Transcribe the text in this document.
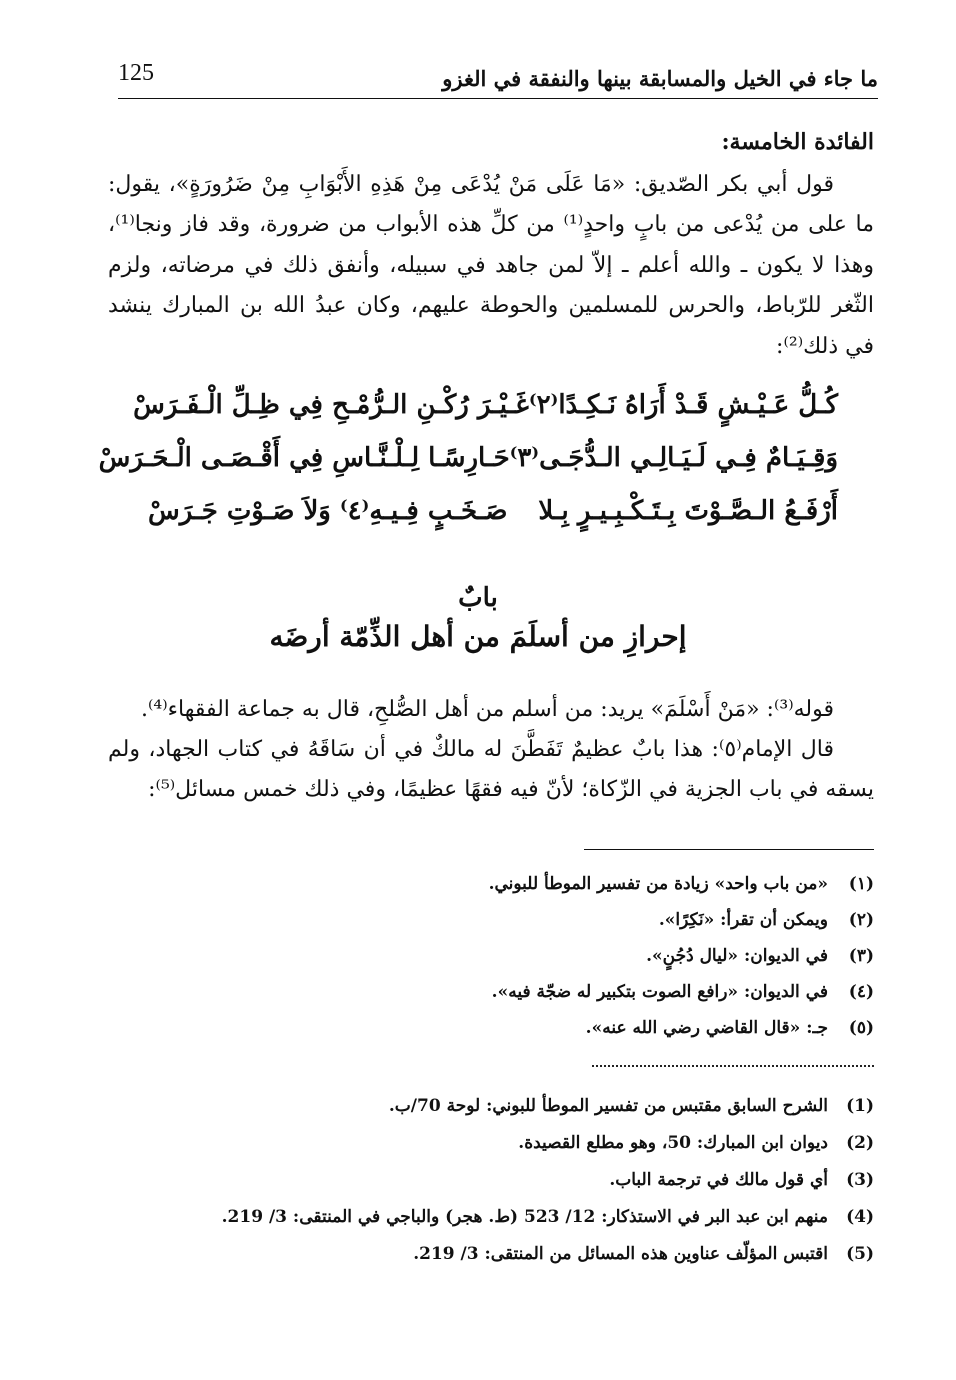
ما جاء في الخيل والمسابقة بينها والنفقة في الغزو
125

الفائدة الخامسة:

قول أبي بكر الصّديق: «مَا عَلَى مَنْ يُدْعَى مِنْ هَذِهِ الأَبْوَابِ مِنْ ضَرُورَةٍ»، يقول: ما على من يُدْعى من بابٍ واحدٍ⁽¹⁾ من كلِّ هذه الأبواب من ضرورة، وقد فاز ونجا⁽¹⁾، وهذا لا يكون ـ والله أعلم ـ إلاّ لمن جاهد في سبيله، وأنفق ذلك في مرضاته، ولزم الثّغر للرّباط، والحرس للمسلمين والحوطة عليهم، وكان عبدُ الله بن المبارك ينشد في ذلك⁽²⁾:

كُـلُّ عَـيْـشٍ قَـدْ أَرَاهُ نَـكِـدًا⁽٢⁾
غَـيْـرَ رُكْـنِ الـرُّمْـحِ فِي ظِـلِّ الْـفَـرَسْ
وَقِـيَـامٌ فِـي لَـيَـالِـي الـدُّجَـى⁽٣⁾
حَـارِسًـا لِـلْـنَّـاسِ فِي أَقْـصَـى الْـحَـرَسْ
أَرْفَـعُ الـصَّـوْتَ بِـتَـكْـبِـيـرٍ بِـلا
صَـخَـبٍ فِـيـهِ⁽٤⁾ وَلاَ صَـوْتِ جَـرَسْ
بابٌ
إحرازِ من أسلَمَ من أهل الذِّمّة أرضَه

قوله⁽³⁾: «مَنْ أَسْلَمَ» يريد: من أسلم من أهل الصُّلحِ، قال به جماعة الفقهاء⁽⁴⁾.

قال الإمام⁽٥⁾: هذا بابٌ عظيمٌ تَفَطَّنَ له مالكٌ في أن سَاقَهُ في كتاب الجهاد، ولم يسقه في باب الجزية في الزّكاة؛ لأنّ فيه فقهًا عظيمًا، وفي ذلك خمس مسائل⁽⁵⁾:

(١)
«من باب واحد» زيادة من تفسير الموطأ للبوني.
(٢)
ويمكن أن تقرأ: «نَكِرًا».
(٣)
في الديوان: «ليال دُجُنٍ».
(٤)
في الديوان: «رافع الصوت بتكبير له ضجّة فيه».
(٥)
جـ: «قال القاضي رضي الله عنه».
(1)
الشرح السابق مقتبس من تفسير الموطأ للبوني: لوحة 70/ب.
(2)
ديوان ابن المبارك: 50، وهو مطلع القصيدة.
(3)
أي قول مالك في ترجمة الباب.
(4)
منهم ابن عبد البر في الاستذكار: 12/ 523 (ط. هجر) والباجي في المنتقى: 3/ 219.
(5)
اقتبس المؤلّف عناوين هذه المسائل من المنتقى: 3/ 219.
